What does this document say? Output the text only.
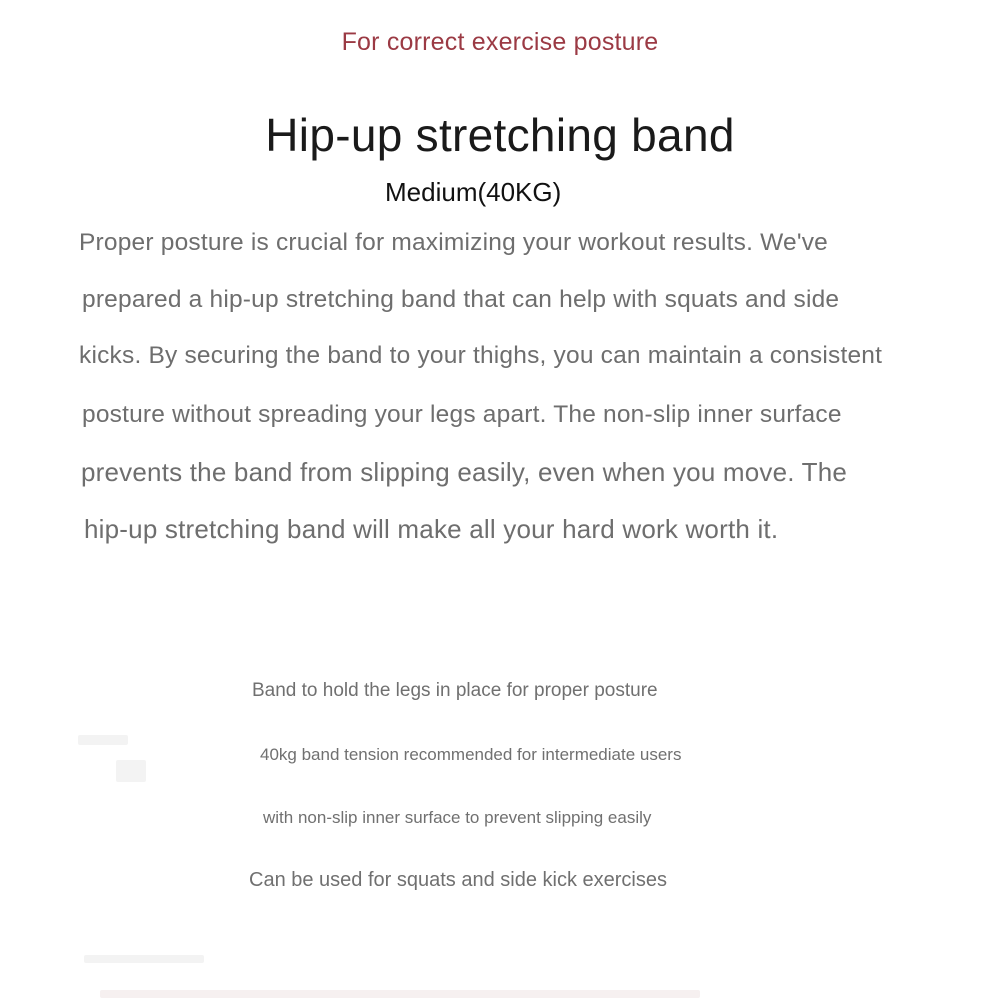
For correct exercise posture
Hip-up stretching band
Medium(40KG)
Proper posture is crucial for maximizing your workout results. We've
prepared a hip-up stretching band that can help with squats and side
kicks. By securing the band to your thighs, you can maintain a consistent
posture without spreading your legs apart. The non-slip inner surface
prevents the band from slipping easily, even when you move. The
hip-up stretching band will make all your hard work worth it.
Band to hold the legs in place for proper posture
40kg band tension recommended for intermediate users
with non-slip inner surface to prevent slipping easily
Can be used for squats and side kick exercises
